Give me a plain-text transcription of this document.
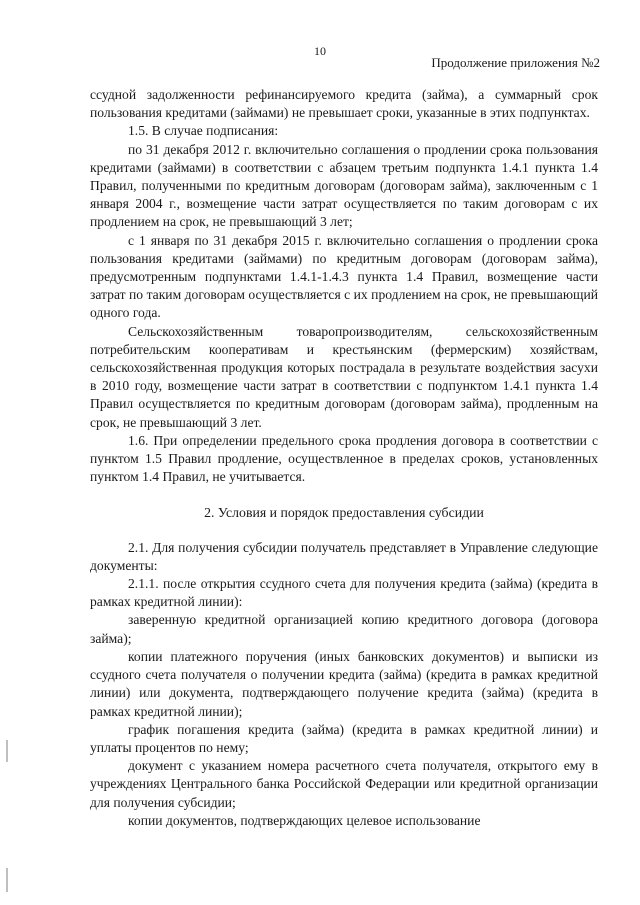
10
Продолжение приложения №2

ссудной задолженности рефинансируемого кредита (займа), а суммарный срок пользования кредитами (займами) не превышает сроки, указанные в этих подпунктах.

1.5. В случае подписания:

по 31 декабря 2012 г. включительно соглашения о продлении срока пользования кредитами (займами) в соответствии с абзацем третьим подпункта 1.4.1 пункта 1.4 Правил, полученными по кредитным договорам (договорам займа), заключенным с 1 января 2004 г., возмещение части затрат осуществляется по таким договорам с их продлением на срок, не превышающий 3 лет;

с 1 января по 31 декабря 2015 г. включительно соглашения о продлении срока пользования кредитами (займами) по кредитным договорам (договорам займа), предусмотренным подпунктами 1.4.1-1.4.3 пункта 1.4 Правил, возмещение части затрат по таким договорам осуществляется с их продлением на срок, не превышающий одного года.

Сельскохозяйственным товаропроизводителям, сельскохозяйственным потребительским кооперативам и крестьянским (фермерским) хозяйствам, сельскохозяйственная продукция которых пострадала в результате воздействия засухи в 2010 году, возмещение части затрат в соответствии с подпунктом 1.4.1 пункта 1.4 Правил осуществляется по кредитным договорам (договорам займа), продленным на срок, не превышающий 3 лет.

1.6. При определении предельного срока продления договора в соответствии с пунктом 1.5 Правил продление, осуществленное в пределах сроков, установленных пунктом 1.4 Правил, не учитывается.

2. Условия и порядок предоставления субсидии

2.1. Для получения субсидии получатель представляет в Управление следующие документы:

2.1.1. после открытия ссудного счета для получения кредита (займа) (кредита в рамках кредитной линии):

заверенную кредитной организацией копию кредитного договора (договора займа);

копии платежного поручения (иных банковских документов) и выписки из ссудного счета получателя о получении кредита (займа) (кредита в рамках кредитной линии) или документа, подтверждающего получение кредита (займа) (кредита в рамках кредитной линии);

график погашения кредита (займа) (кредита в рамках кредитной линии) и уплаты процентов по нему;

документ с указанием номера расчетного счета получателя, открытого ему в учреждениях Центрального банка Российской Федерации или кредитной организации для получения субсидии;

копии документов, подтверждающих целевое использование
